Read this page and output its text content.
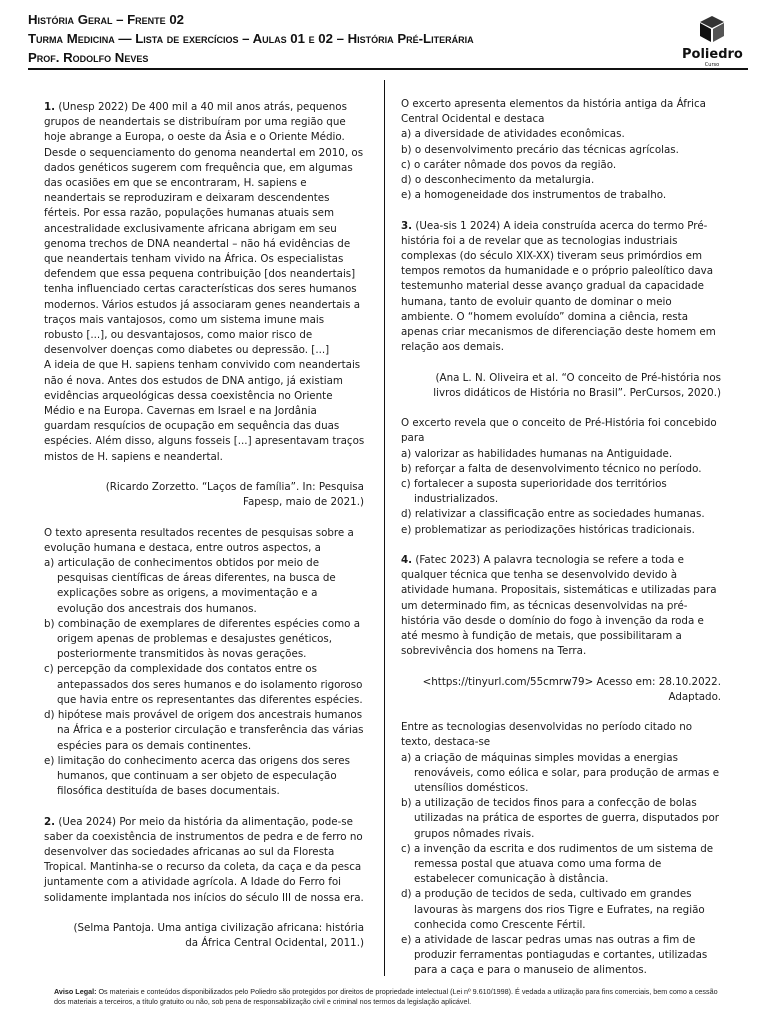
História Geral – Frente 02
Turma Medicina — Lista de exercícios – Aulas 01 e 02 – História Pré-Literária
Prof. Rodolfo Neves	Poliedro
Curso

1. (Unesp 2022) De 400 mil a 40 mil anos atrás, pequenos grupos de neandertais se distribuíram por uma região que hoje abrange a Europa, o oeste da Ásia e o Oriente Médio. Desde o sequenciamento do genoma neandertal em 2010, os dados genéticos sugerem com frequência que, em algumas das ocasiões em que se encontraram, H. sapiens e neandertais se reproduziram e deixaram descendentes férteis. Por essa razão, populações humanas atuais sem ancestralidade exclusivamente africana abrigam em seu genoma trechos de DNA neandertal – não há evidências de que neandertais tenham vivido na África. Os especialistas defendem que essa pequena contribuição [dos neandertais] tenha influenciado certas características dos seres humanos modernos. Vários estudos já associaram genes neandertais a traços mais vantajosos, como um sistema imune mais robusto [...], ou desvantajosos, como maior risco de desenvolver doenças como diabetes ou depressão. [...]

A ideia de que H. sapiens tenham convivido com neandertais não é nova. Antes dos estudos de DNA antigo, já existiam evidências arqueológicas dessa coexistência no Oriente Médio e na Europa. Cavernas em Israel e na Jordânia guardam resquícios de ocupação em sequência das duas espécies. Além disso, alguns fosseis [...] apresentavam traços mistos de H. sapiens e neandertal.

(Ricardo Zorzetto. “Laços de família”. In: Pesquisa Fapesp, maio de 2021.)

O texto apresenta resultados recentes de pesquisas sobre a evolução humana e destaca, entre outros aspectos, a

a) articulação de conhecimentos obtidos por meio de pesquisas científicas de áreas diferentes, na busca de explicações sobre as origens, a movimentação e a evolução dos ancestrais dos humanos.

b) combinação de exemplares de diferentes espécies como a origem apenas de problemas e desajustes genéticos, posteriormente transmitidos às novas gerações.

c) percepção da complexidade dos contatos entre os antepassados dos seres humanos e do isolamento rigoroso que havia entre os representantes das diferentes espécies.

d) hipótese mais provável de origem dos ancestrais humanos na África e a posterior circulação e transferência das várias espécies para os demais continentes.

e) limitação do conhecimento acerca das origens dos seres humanos, que continuam a ser objeto de especulação filosófica destituída de bases documentais.

2. (Uea 2024) Por meio da história da alimentação, pode-se saber da coexistência de instrumentos de pedra e de ferro no desenvolver das sociedades africanas ao sul da Floresta Tropical. Mantinha-se o recurso da coleta, da caça e da pesca juntamente com a atividade agrícola. A Idade do Ferro foi solidamente implantada nos inícios do século III de nossa era.

(Selma Pantoja. Uma antiga civilização africana: história da África Central Ocidental, 2011.)

O excerto apresenta elementos da história antiga da África Central Ocidental e destaca

a) a diversidade de atividades econômicas.

b) o desenvolvimento precário das técnicas agrícolas.

c) o caráter nômade dos povos da região.

d) o desconhecimento da metalurgia.

e) a homogeneidade dos instrumentos de trabalho.

3. (Uea-sis 1 2024) A ideia construída acerca do termo Pré-história foi a de revelar que as tecnologias industriais complexas (do século XIX-XX) tiveram seus primórdios em tempos remotos da humanidade e o próprio paleolítico dava testemunho material desse avanço gradual da capacidade humana, tanto de evoluir quanto de dominar o meio ambiente. O “homem evoluído” domina a ciência, resta apenas criar mecanismos de diferenciação deste homem em relação aos demais.

(Ana L. N. Oliveira et al. “O conceito de Pré-história nos livros didáticos de História no Brasil”. PerCursos, 2020.)

O excerto revela que o conceito de Pré-História foi concebido para

a) valorizar as habilidades humanas na Antiguidade.

b) reforçar a falta de desenvolvimento técnico no período.

c) fortalecer a suposta superioridade dos territórios industrializados.

d) relativizar a classificação entre as sociedades humanas.

e) problematizar as periodizações históricas tradicionais.

4. (Fatec 2023) A palavra tecnologia se refere a toda e qualquer técnica que tenha se desenvolvido devido à atividade humana. Propositais, sistemáticas e utilizadas para um determinado fim, as técnicas desenvolvidas na pré-história vão desde o domínio do fogo à invenção da roda e até mesmo à fundição de metais, que possibilitaram a sobrevivência dos homens na Terra.

<https://tinyurl.com/55cmrw79> Acesso em: 28.10.2022. Adaptado.

Entre as tecnologias desenvolvidas no período citado no texto, destaca-se

a) a criação de máquinas simples movidas a energias renováveis, como eólica e solar, para produção de armas e utensílios domésticos.

b) a utilização de tecidos finos para a confecção de bolas utilizadas na prática de esportes de guerra, disputados por grupos nômades rivais.

c) a invenção da escrita e dos rudimentos de um sistema de remessa postal que atuava como uma forma de estabelecer comunicação à distância.

d) a produção de tecidos de seda, cultivado em grandes lavouras às margens dos rios Tigre e Eufrates, na região conhecida como Crescente Fértil.

e) a atividade de lascar pedras umas nas outras a fim de produzir ferramentas pontiagudas e cortantes, utilizadas para a caça e para o manuseio de alimentos.

Aviso Legal: Os materiais e conteúdos disponibilizados pelo Poliedro são protegidos por direitos de propriedade intelectual (Lei nº 9.610/1998). É vedada a utilização para fins comerciais, bem como a cessão dos materiais a terceiros, a título gratuito ou não, sob pena de responsabilização civil e criminal nos termos da legislação aplicável.
